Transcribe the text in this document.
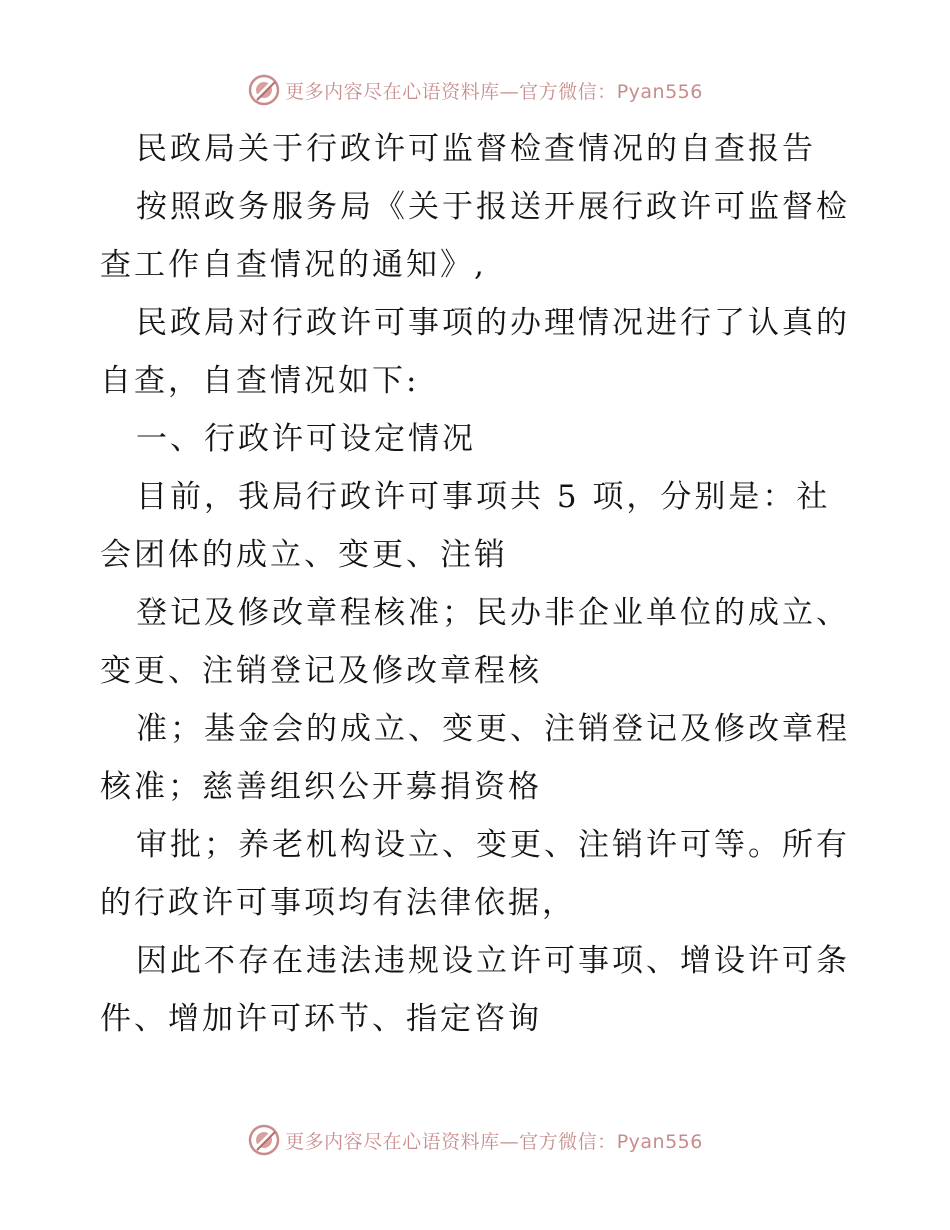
更多内容尽在心语资料库—官方微信：Pyan556
民政局关于行政许可监督检查情况的自查报告
按照政务服务局《关于报送开展行政许可监督检
查工作自查情况的通知》,
民政局对行政许可事项的办理情况进行了认真的
自查，自查情况如下:
一、行政许可设定情况
目前，我局行政许可事项共 5 项，分别是：社
会团体的成立、变更、注销
登记及修改章程核准；民办非企业单位的成立、
变更、注销登记及修改章程核
准；基金会的成立、变更、注销登记及修改章程
核准；慈善组织公开募捐资格
审批；养老机构设立、变更、注销许可等。所有
的行政许可事项均有法律依据，
因此不存在违法违规设立许可事项、增设许可条
件、增加许可环节、指定咨询
更多内容尽在心语资料库—官方微信：Pyan556
